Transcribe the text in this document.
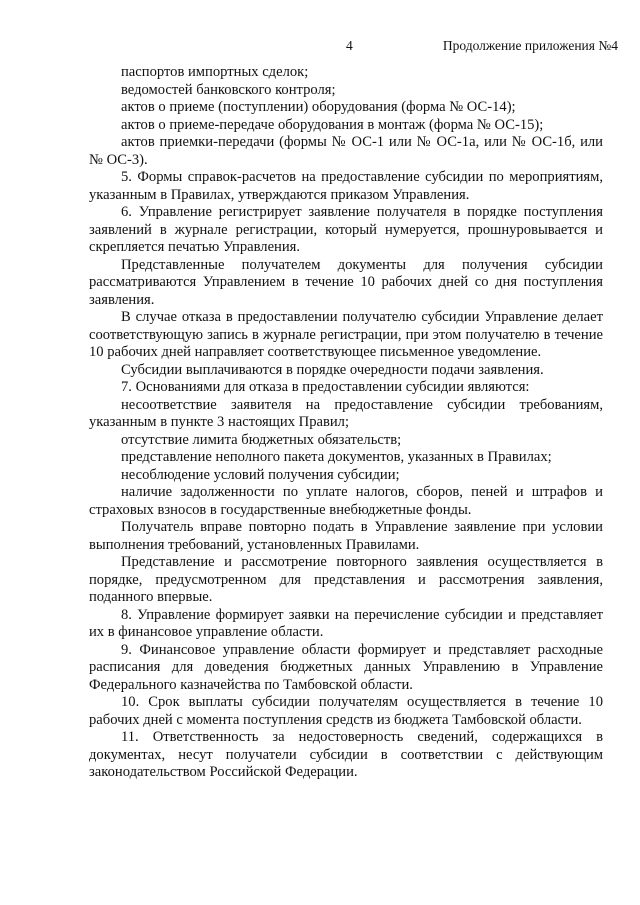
4	Продолжение приложения №4

паспортов импортных сделок;

ведомостей банковского контроля;

актов о приеме (поступлении) оборудования (форма № ОС-14);

актов о приеме-передаче оборудования в монтаж (форма № ОС-15);

актов приемки-передачи (формы № ОС-1 или № ОС-1а, или № ОС-1б, или № ОС-3).

5. Формы справок-расчетов на предоставление субсидии по мероприятиям, указанным в Правилах, утверждаются приказом Управления.

6. Управление регистрирует заявление получателя в порядке поступления заявлений в журнале регистрации, который нумеруется, прошнуровывается и скрепляется печатью Управления.

Представленные получателем документы для получения субсидии рассматриваются Управлением в течение 10 рабочих дней со дня поступления заявления.

В случае отказа в предоставлении получателю субсидии Управление делает соответствующую запись в журнале регистрации, при этом получателю в течение 10 рабочих дней направляет соответствующее письменное уведомление.

Субсидии выплачиваются в порядке очередности подачи заявления.

7. Основаниями для отказа в предоставлении субсидии являются:

несоответствие заявителя на предоставление субсидии требованиям, указанным в пункте 3 настоящих Правил;

отсутствие лимита бюджетных обязательств;

представление неполного пакета документов, указанных в Правилах;

несоблюдение условий получения субсидии;

наличие задолженности по уплате налогов, сборов, пеней и штрафов и страховых взносов в государственные внебюджетные фонды.

Получатель вправе повторно подать в Управление заявление при условии выполнения требований, установленных Правилами.

Представление и рассмотрение повторного заявления осуществляется в порядке, предусмотренном для представления и рассмотрения заявления, поданного впервые.

8. Управление формирует заявки на перечисление субсидии и представляет их в финансовое управление области.

9. Финансовое управление области формирует и представляет расходные расписания для доведения бюджетных данных Управлению в Управление Федерального казначейства по Тамбовской области.

10. Срок выплаты субсидии получателям осуществляется в течение 10 рабочих дней с момента поступления средств из бюджета Тамбовской области.

11. Ответственность за недостоверность сведений, содержащихся в документах, несут получатели субсидии в соответствии с действующим законодательством Российской Федерации.
